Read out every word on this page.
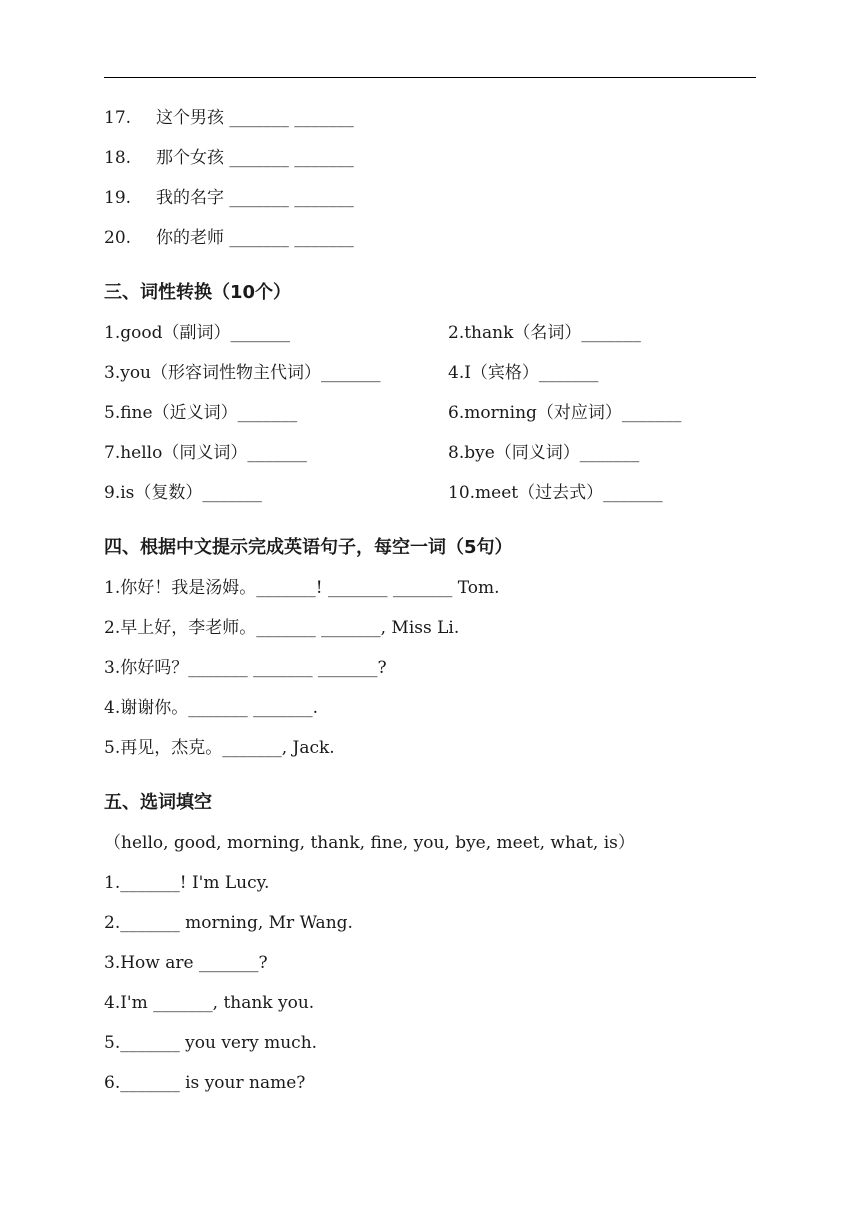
17. 这个男孩 _______ _______
18. 那个女孩 _______ _______
19. 我的名字 _______ _______
20. 你的老师 _______ _______
三、词性转换（10个）
1.good（副词）_______	2.thank（名词）_______
3.you（形容词性物主代词）_______	4.I（宾格）_______
5.fine（近义词）_______	6.morning（对应词）_______
7.hello（同义词）_______	8.bye（同义词）_______
9.is（复数）_______	10.meet（过去式）_______
四、根据中文提示完成英语句子，每空一词（5句）
1.你好！我是汤姆。_______! _______ _______ Tom.
2.早上好，李老师。_______ _______, Miss Li.
3.你好吗？_______ _______ _______?
4.谢谢你。_______ _______.
5.再见，杰克。_______, Jack.
五、选词填空
（hello, good, morning, thank, fine, you, bye, meet, what, is）
1._______! I'm Lucy.
2._______ morning, Mr Wang.
3.How are _______?
4.I'm _______, thank you.
5._______ you very much.
6._______ is your name?
